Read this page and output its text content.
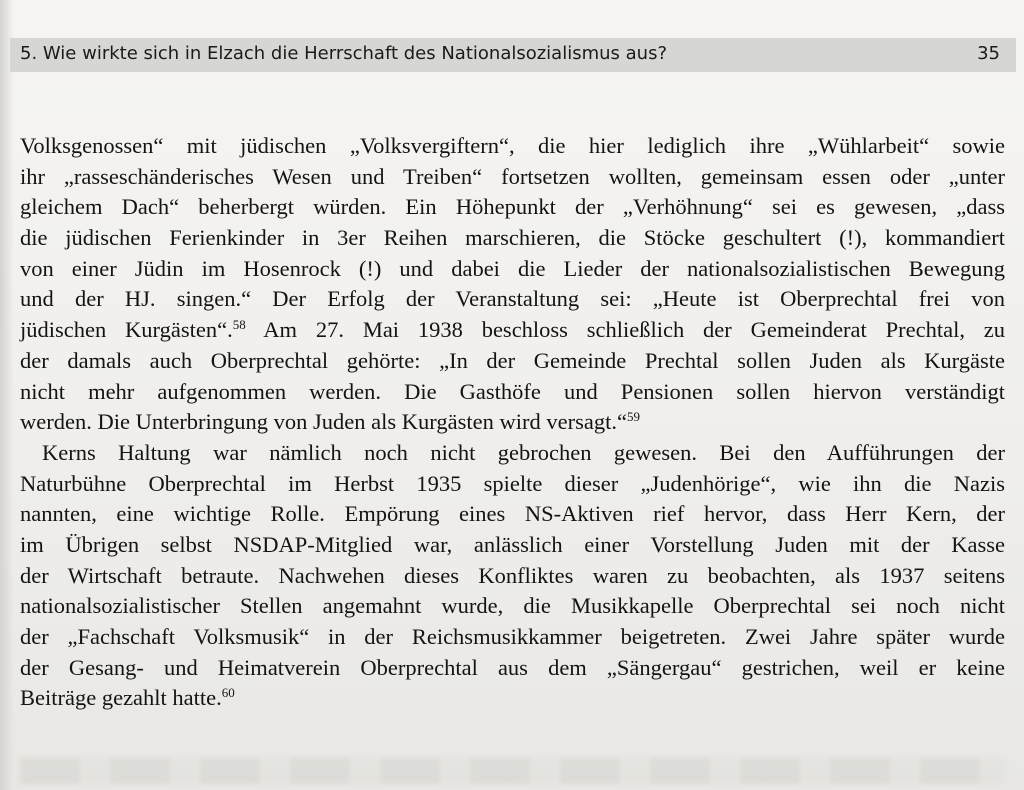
5. Wie wirkte sich in Elzach die Herrschaft des Nationalsozialismus aus?	35
Volksgenossen“ mit jüdischen „Volksvergiftern“, die hier lediglich ihre „Wühlarbeit“ sowie
ihr „rasseschänderisches Wesen und Treiben“ fortsetzen wollten, gemeinsam essen oder „unter
gleichem Dach“ beherbergt würden. Ein Höhepunkt der „Verhöhnung“ sei es gewesen, „dass
die jüdischen Ferienkinder in 3er Reihen marschieren, die Stöcke geschultert (!), kommandiert
von einer Jüdin im Hosenrock (!) und dabei die Lieder der nationalsozialistischen Bewegung
und der HJ. singen.“ Der Erfolg der Veranstaltung sei: „Heute ist Oberprechtal frei von
jüdischen Kurgästen“.$^{58}$ Am 27. Mai 1938 beschloss schließlich der Gemeinderat Prechtal, zu
der damals auch Oberprechtal gehörte: „In der Gemeinde Prechtal sollen Juden als Kurgäste
nicht mehr aufgenommen werden. Die Gasthöfe und Pensionen sollen hiervon verständigt
werden. Die Unterbringung von Juden als Kurgästen wird versagt.“$^{59}$
Kerns Haltung war nämlich noch nicht gebrochen gewesen. Bei den Aufführungen der
Naturbühne Oberprechtal im Herbst 1935 spielte dieser „Judenhörige“, wie ihn die Nazis
nannten, eine wichtige Rolle. Empörung eines NS-Aktiven rief hervor, dass Herr Kern, der
im Übrigen selbst NSDAP-Mitglied war, anlässlich einer Vorstellung Juden mit der Kasse
der Wirtschaft betraute. Nachwehen dieses Konfliktes waren zu beobachten, als 1937 seitens
nationalsozialistischer Stellen angemahnt wurde, die Musikkapelle Oberprechtal sei noch nicht
der „Fachschaft Volksmusik“ in der Reichsmusikkammer beigetreten. Zwei Jahre später wurde
der Gesang- und Heimatverein Oberprechtal aus dem „Sängergau“ gestrichen, weil er keine
Beiträge gezahlt hatte.$^{60}$
